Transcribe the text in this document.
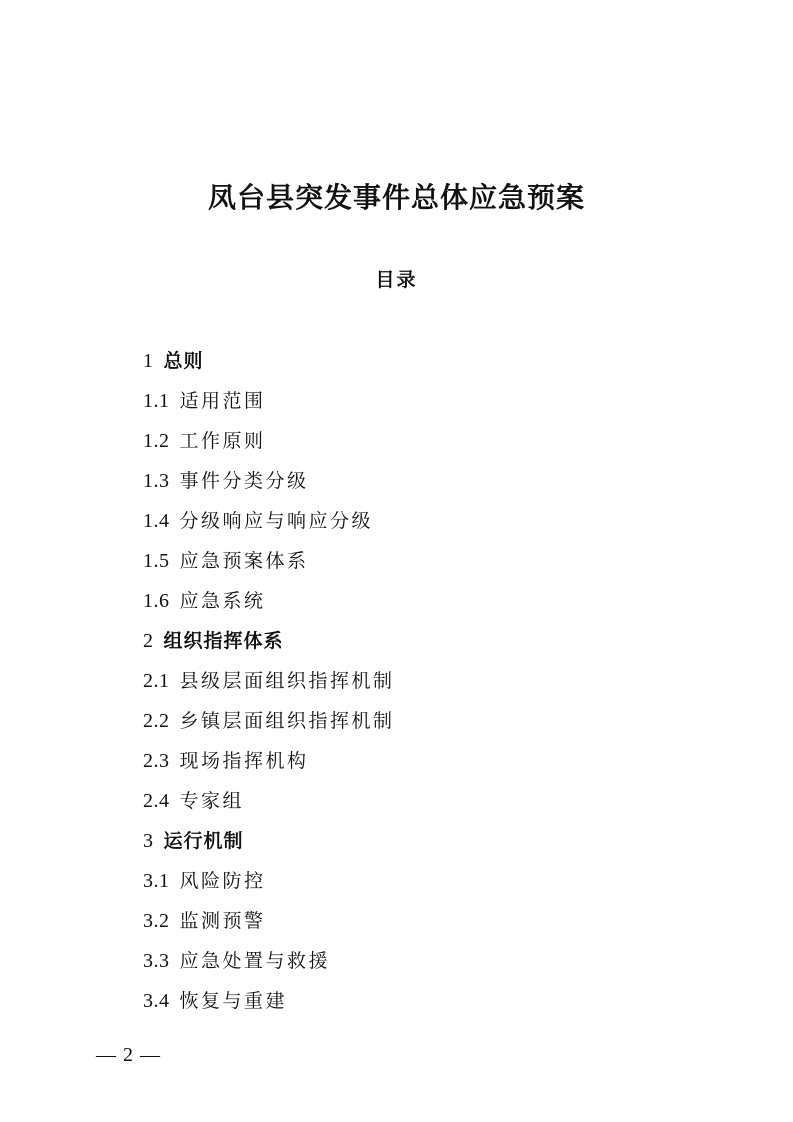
凤台县突发事件总体应急预案
目录
1 总则
1.1 适用范围
1.2 工作原则
1.3 事件分类分级
1.4 分级响应与响应分级
1.5 应急预案体系
1.6 应急系统
2 组织指挥体系
2.1 县级层面组织指挥机制
2.2 乡镇层面组织指挥机制
2.3 现场指挥机构
2.4 专家组
3 运行机制
3.1 风险防控
3.2 监测预警
3.3 应急处置与救援
3.4 恢复与重建
— 2 —
